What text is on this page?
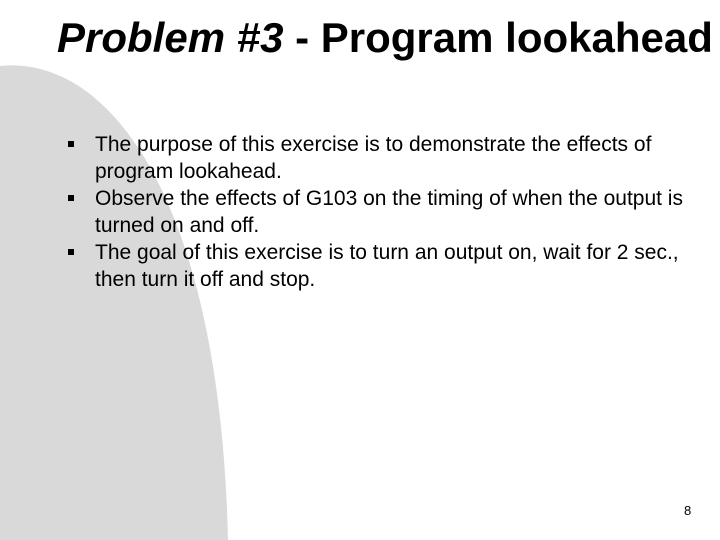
Problem #3 - Program lookahead
The purpose of this exercise is to demonstrate the effects of program lookahead.
Observe the effects of G103 on the timing of when the output is turned on and off.
The goal of this exercise is to turn an output on, wait for 2 sec., then turn it off and stop.
8
